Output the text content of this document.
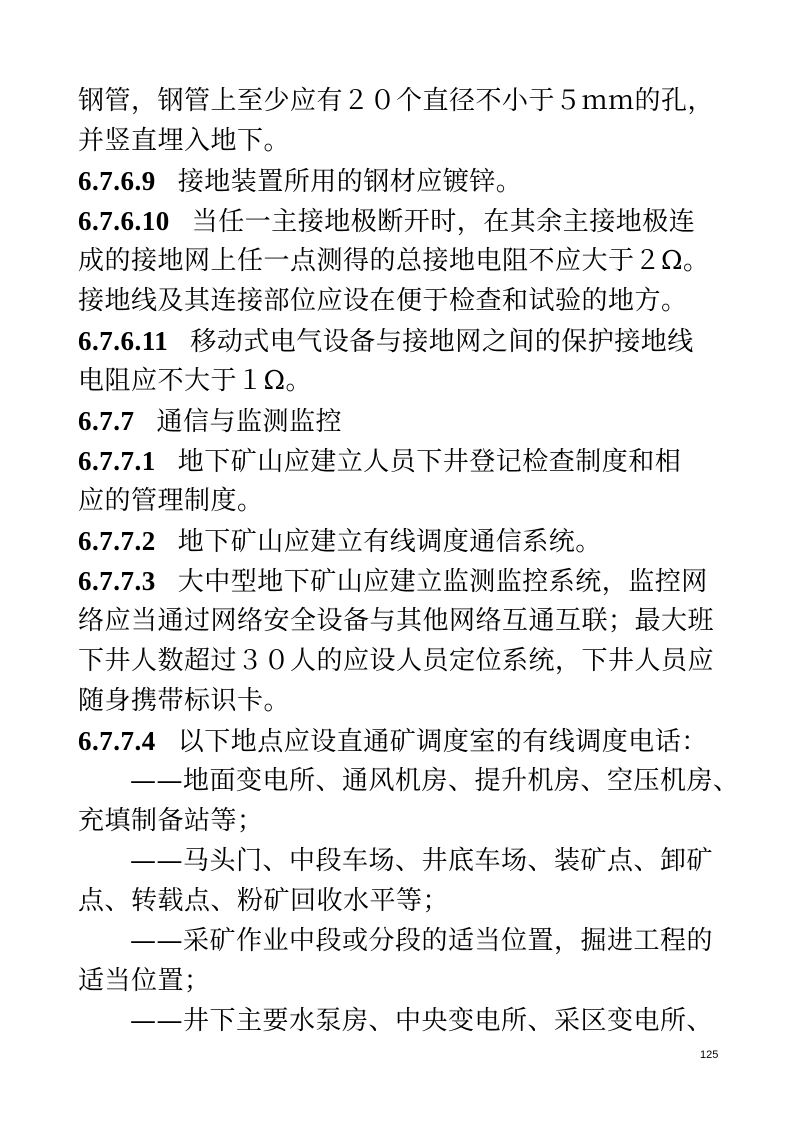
钢管，钢管上至少应有２０个直径不小于５ｍｍ的孔，
并竖直埋入地下。
6.7.6.9 接地装置所用的钢材应镀锌。
6.7.6.10 当任一主接地极断开时，在其余主接地极连
成的接地网上任一点测得的总接地电阻不应大于２Ω。
接地线及其连接部位应设在便于检查和试验的地方。
6.7.6.11 移动式电气设备与接地网之间的保护接地线
电阻应不大于１Ω。
6.7.7 通信与监测监控
6.7.7.1 地下矿山应建立人员下井登记检查制度和相
应的管理制度。
6.7.7.2 地下矿山应建立有线调度通信系统。
6.7.7.3 大中型地下矿山应建立监测监控系统，监控网
络应当通过网络安全设备与其他网络互通互联；最大班
下井人数超过３０人的应设人员定位系统，下井人员应
随身携带标识卡。
6.7.7.4 以下地点应设直通矿调度室的有线调度电话：
——地面变电所、通风机房、提升机房、空压机房、
充填制备站等；
——马头门、中段车场、井底车场、装矿点、卸矿
点、转载点、粉矿回收水平等；
——采矿作业中段或分段的适当位置，掘进工程的
适当位置；
——井下主要水泵房、中央变电所、采区变电所、
125
